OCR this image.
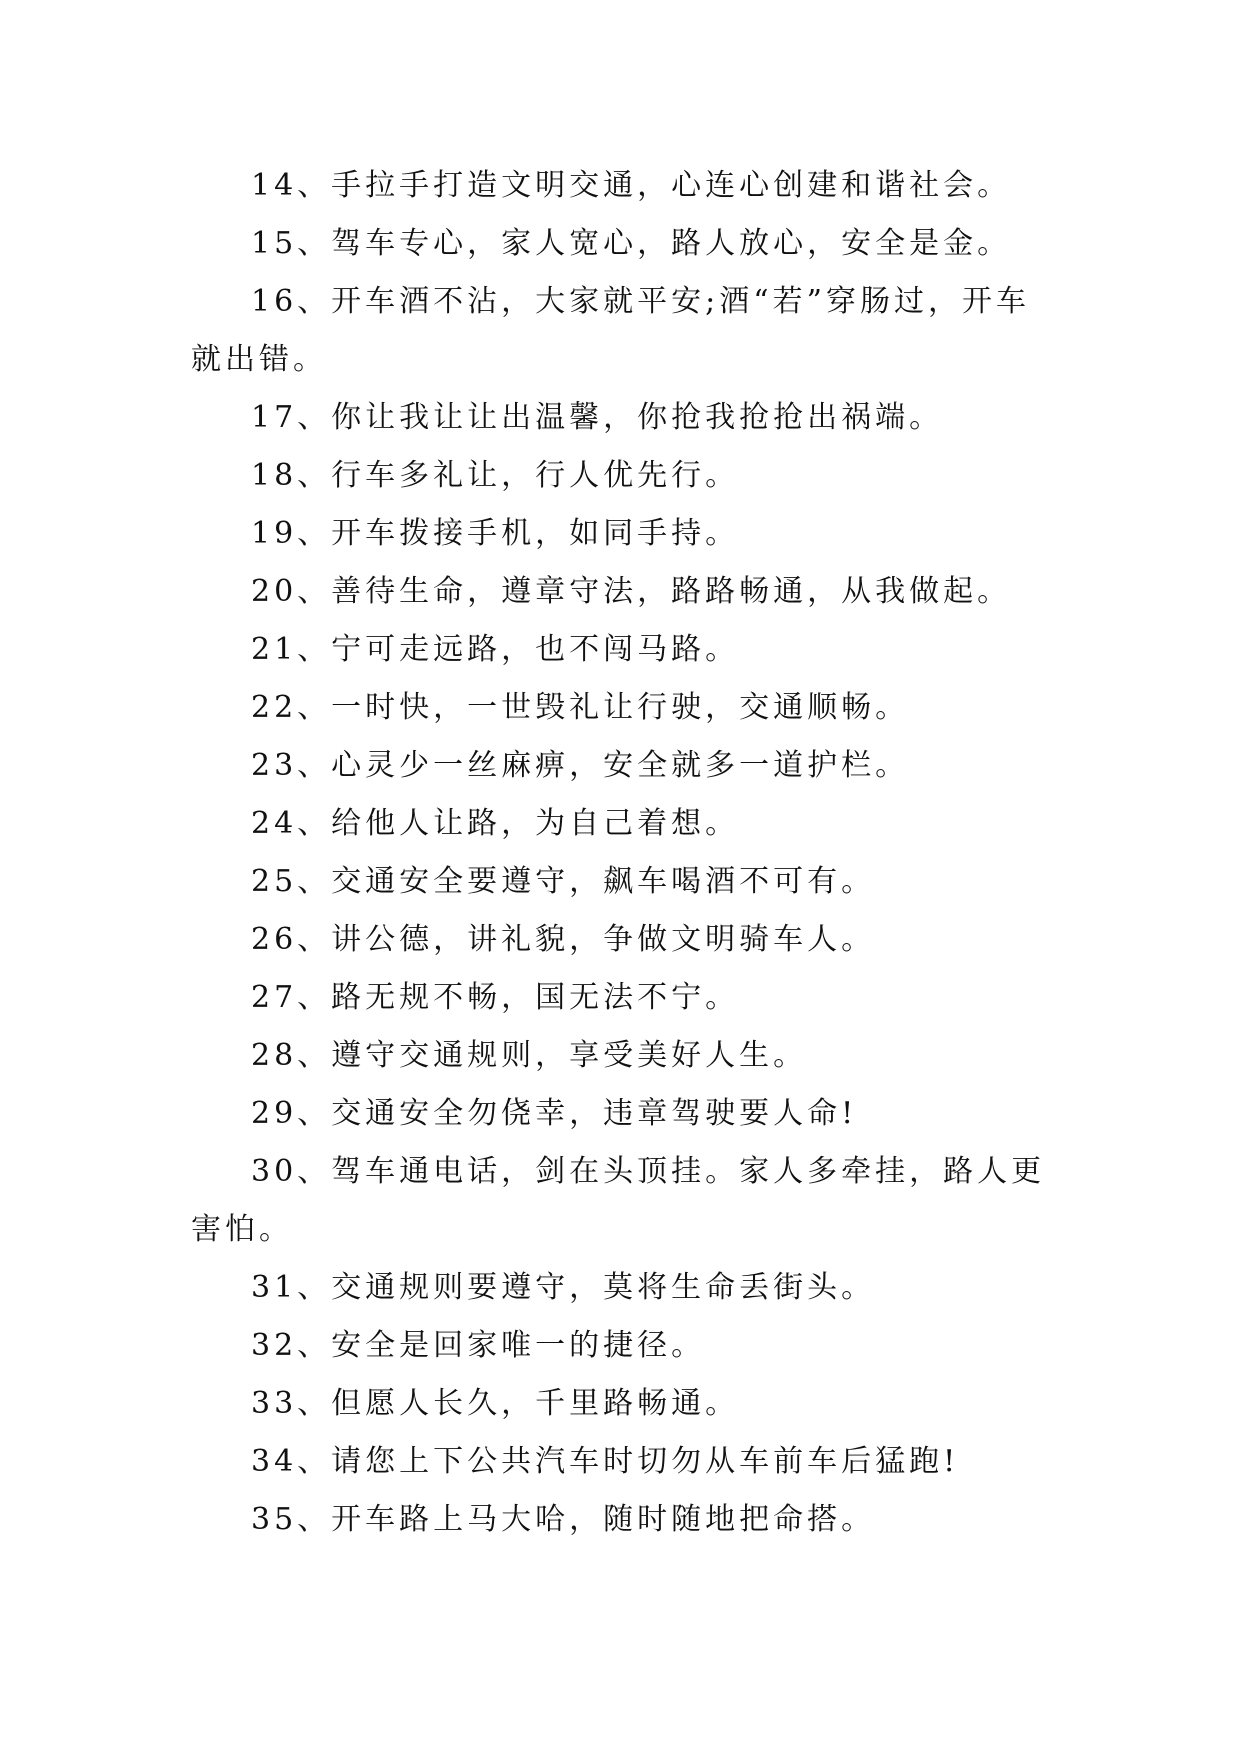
14、手拉手打造文明交通，心连心创建和谐社会。

15、驾车专心，家人宽心，路人放心，安全是金。

16、开车酒不沾，大家就平安;酒“若”穿肠过，开车就出错。

17、你让我让让出温馨，你抢我抢抢出祸端。

18、行车多礼让，行人优先行。

19、开车拨接手机，如同手持。

20、善待生命，遵章守法，路路畅通，从我做起。

21、宁可走远路，也不闯马路。

22、一时快，一世毁礼让行驶，交通顺畅。

23、心灵少一丝麻痹，安全就多一道护栏。

24、给他人让路，为自己着想。

25、交通安全要遵守，飙车喝酒不可有。

26、讲公德，讲礼貌，争做文明骑车人。

27、路无规不畅，国无法不宁。

28、遵守交通规则，享受美好人生。

29、交通安全勿侥幸，违章驾驶要人命!

30、驾车通电话，剑在头顶挂。家人多牵挂，路人更害怕。

31、交通规则要遵守，莫将生命丢街头。

32、安全是回家唯一的捷径。

33、但愿人长久，千里路畅通。

34、请您上下公共汽车时切勿从车前车后猛跑!

35、开车路上马大哈，随时随地把命搭。
